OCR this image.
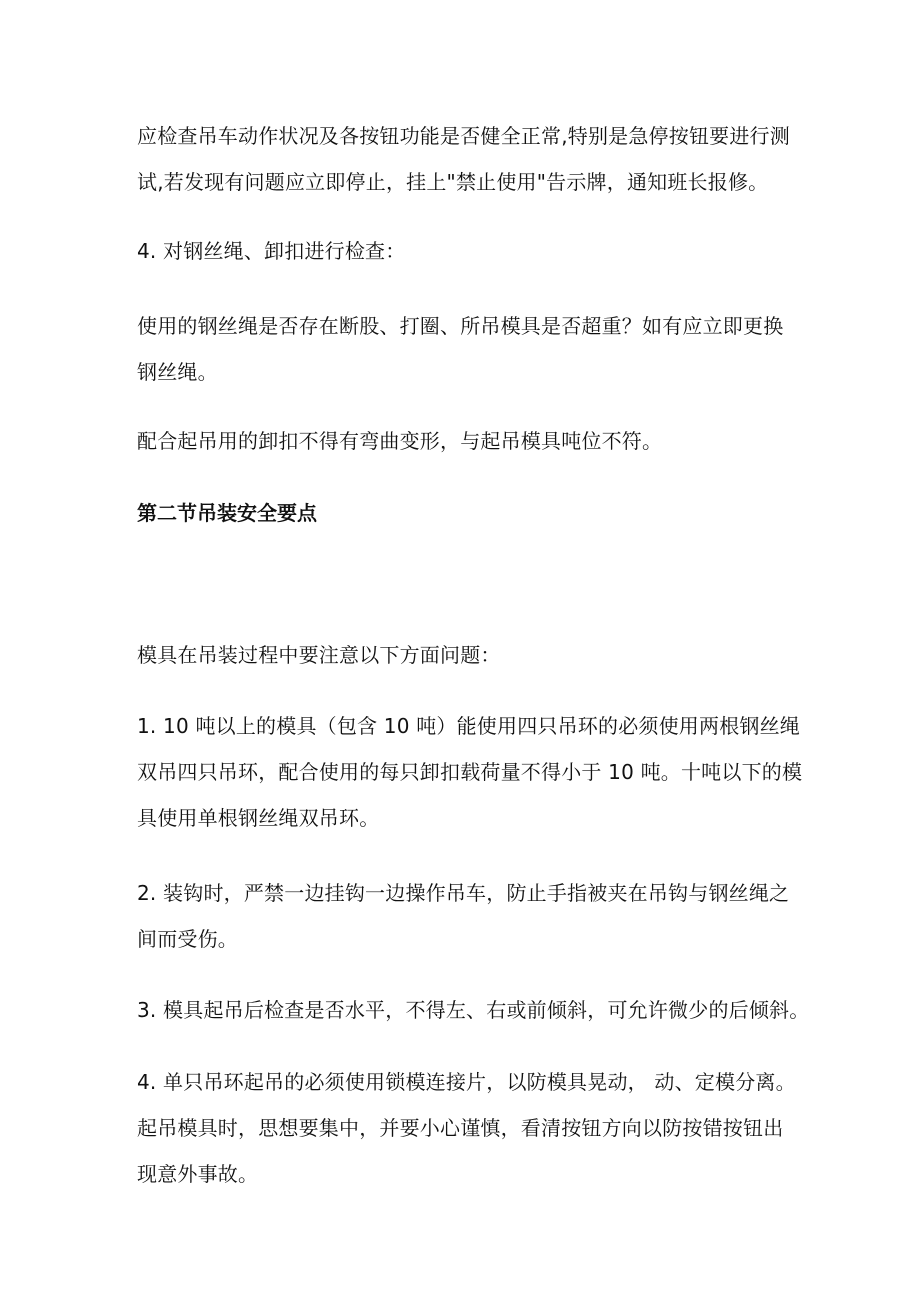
应检查吊车动作状况及各按钮功能是否健全正常,特别是急停按钮要进行测
试,若发现有问题应立即停止，挂上"禁止使用"告示牌，通知班长报修。

4. 对钢丝绳、卸扣进行检查：

使用的钢丝绳是否存在断股、打圈、所吊模具是否超重？如有应立即更换
钢丝绳。

配合起吊用的卸扣不得有弯曲变形，与起吊模具吨位不符。

第二节吊装安全要点

模具在吊装过程中要注意以下方面问题：

1. 10 吨以上的模具（包含 10 吨）能使用四只吊环的必须使用两根钢丝绳
双吊四只吊环，配合使用的每只卸扣载荷量不得小于 10 吨。十吨以下的模
具使用单根钢丝绳双吊环。

2. 装钩时，严禁一边挂钩一边操作吊车，防止手指被夹在吊钩与钢丝绳之
间而受伤。

3. 模具起吊后检查是否水平，不得左、右或前倾斜，可允许微少的后倾斜。

4. 单只吊环起吊的必须使用锁模连接片，以防模具晃动， 动、定模分离。
起吊模具时，思想要集中，并要小心谨慎，看清按钮方向以防按错按钮出
现意外事故。
